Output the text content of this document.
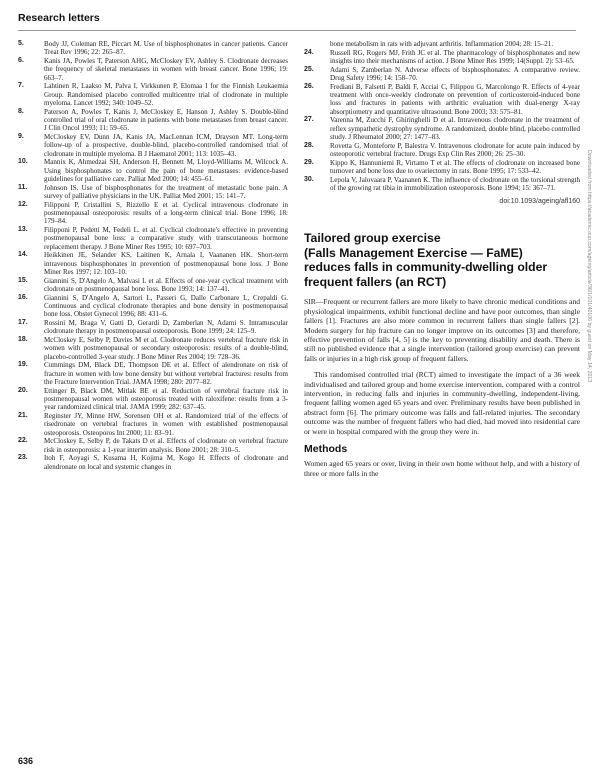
Research letters
5.	Body JJ, Coleman RE, Piccart M. Use of bisphosphonates in cancer patients. Cancer Treat Rev 1996; 22: 265–87.
6.	Kanis JA, Powles T, Paterson AHG, McCloskey EV, Ashley S. Clodronate decreases the frequency of skeletal metastases in women with breast cancer. Bone 1996; 19: 663–7.
7.	Lahtinen R, Laakso M, Palva I, Virkkunen P, Elomaa I for the Finnish Leukaemia Group. Randomised placebo controlled multicentre trial of clodronate in multiple myeloma. Lancet 1992; 340: 1049–52.
8.	Paterson A, Powles T, Kanis J, McCloskey E, Hanson J, Ashley S. Double-blind controlled trial of oral clodronate in patients with bone metastases from breast cancer. J Clin Oncol 1993; 11: 59–65.
9.	McCloskey EV, Dunn JA, Kanis JA, MacLennan ICM, Drayson MT. Long-term follow-up of a prospective, double-blind, placebo-controlled randomised trial of clodronate in multiple myeloma. B J Haematol 2001; 113: 1035–43.
10.	Mannix K, Ahmedzai SH, Anderson H, Bennett M, Lloyd-Williams M, Wilcock A. Using bisphosphonates to control the pain of bone metastases: evidence-based guidelines for palliative care. Palliat Med 2000; 14: 455–61.
11.	Johnson IS. Use of bisphosphonates for the treatment of metastatic bone pain. A survey of palliative physicians in the UK. Palliat Med 2001; 15: 141–7.
12.	Filipponi P, Cristallini S, Rizzello E et al. Cyclical intravenous clodronate in postmenopausal osteoporosis: results of a long-term clinical trial. Bone 1996; 18: 179–84.
13.	Filipponi P, Pedetti M, Fedeli L. et al. Cyclical clodronate's effective in preventing postmenopausal bone loss: a comparative study with transcutaneous hormone replacement therapy. J Bone Miner Res 1995; 10: 697–703.
14.	Heikkinen JE, Selander KS, Laitinen K, Arnala I, Vaananen HK. Short-term intravenous bisphosphonates in prevention of postmenopausal bone loss. J Bone Miner Res 1997; 12: 103–10.
15.	Giannini S, D'Angelo A, Malvasi L et al. Effects of one-year cyclical treatment with clodronate on postmenopausal bone loss. Bone 1993; 14: 137–41.
16.	Giannini S, D'Angelo A, Sartori L, Passeri G, Dalle Carbonare L, Crepaldi G. Continuous and cyclical clodronate therapies and bone density in postmenopausal bone loss. Obstet Gynecol 1996; 88: 431–6.
17.	Rossini M, Braga V, Gatti D, Gerardi D, Zamberlan N, Adami S. Intramuscular clodronate therapy in postmenopausal osteoporosis. Bone 1999; 24: 125–9.
18.	McCloskey E, Selby P, Davies M et al. Clodronate reduces vertebral fracture risk in women with postmenopausal or secondary osteoporosis: results of a double-blind, placebo-controlled 3-year study. J Bone Miner Res 2004; 19: 728–36.
19.	Cummings DM, Black DE, Thompson DE et al. Effect of alendronate on risk of fracture in women with low bone density but without vertebral fractures: results from the Fracture Intervention Trial. JAMA 1998; 280: 2077–82.
20.	Ettinger B, Black DM, Mitlak BE et al. Reduction of vertebral fracture risk in postmenopausal women with osteoporosis treated with raloxifene: results from a 3-year randomized clinical trial. JAMA 1999; 282: 637–45.
21.	Reginster JY, Minne HW, Sorensen OH et al. Randomized trial of the effects of risedronate on vertebral fractures in women with established postmenopausal osteoporosis. Osteoporos Int 2000; 11: 83–91.
22.	McCloskey E, Selby P, de Takats D et al. Effects of clodronate on vertebral fracture risk in osteoporosis: a 1-year interim analysis. Bone 2001; 28: 310–5.
23.	Itoh F, Aoyagi S, Kusama H, Kojima M, Kogo H. Effects of clodronate and alendronate on local and systemic changes in
bone metabolism in rats with adjuvant arthritis. Inflammation 2004; 28: 15–21.
24.	Russell RG, Rogers MJ, Frith JC et al. The pharmacology of bisphosphonates and new insights into their mechanisms of action. J Bone Miner Res 1999; 14(Suppl. 2): 53–65.
25.	Adami S, Zamberlan N. Adverse effects of bisphosphonates: A comparative review. Drug Safety 1996; 14: 158–70.
26.	Frediani B, Falsetti P, Baldi F, Acciai C, Filippou G, Marcolongo R. Effects of 4-year treatment with once-weekly clodronate on prevention of corticosteroid-induced bone loss and fractures in patients with arthritic evaluation with dual-energy X-ray absorptiometry and quantitative ultrasound. Bone 2003; 33: 575–81.
27.	Varenna M, Zucchi F, Ghiringhelli D et al. Intravenous clodronate in the treatment of reflex sympathetic dystrophy syndrome. A randomized, double blind, placebo controlled study. J Rheumatol 2000; 27: 1477–83.
28.	Rovetta G, Monteforte P, Balestra V. Intravenous clodronate for acute pain induced by osteoporotic vertebral fracture. Drugs Exp Clin Res 2000; 26: 25–30.
29.	Kippo K, Hannuniemi R, Virtamo T et al. The effects of clodronate on increased bone turnover and bone loss due to ovariectomy in rats. Bone 1995; 17: 533–42.
30.	Lepola V, Jalovaara P, Vaananen K. The influence of clodronate on the torsional strength of the growing rat tibia in immobilization osteoporosis. Bone 1994; 15: 367–71.
doi:10.1093/ageing/afl160
Tailored group exercise
(Falls Management Exercise — FaME)
reduces falls in community-dwelling older
frequent fallers (an RCT)

SIR—Frequent or recurrent fallers are more likely to have chronic medical conditions and physiological impairments, exhibit functional decline and have poor outcomes, than single fallers [1]. Fractures are also more common in recurrent fallers than single fallers [2]. Modern surgery for hip fracture can no longer improve on its outcomes [3] and therefore, effective prevention of falls [4, 5] is the key to preventing disability and death. There is still no published evidence that a single intervention (tailored group exercise) can prevent falls or injuries in a high risk group of frequent fallers.

This randomised controlled trial (RCT) aimed to investigate the impact of a 36 week individualised and tailored group and home exercise intervention, compared with a control intervention, in reducing falls and injuries in community-dwelling, independent-living, frequent falling women aged 65 years and over. Preliminary results have been published in abstract form [6]. The primary outcome was falls and fall-related injuries. The secondary outcome was the number of frequent fallers who had died, had moved into residential care or were in hospital compared with the group they were in.

Methods

Women aged 65 years or over, living in their own home without help, and with a history of three or more falls in the

636
Downloaded from https://academic.oup.com/ageing/article/36/1/101/40106 by guest on May 14, 2013
